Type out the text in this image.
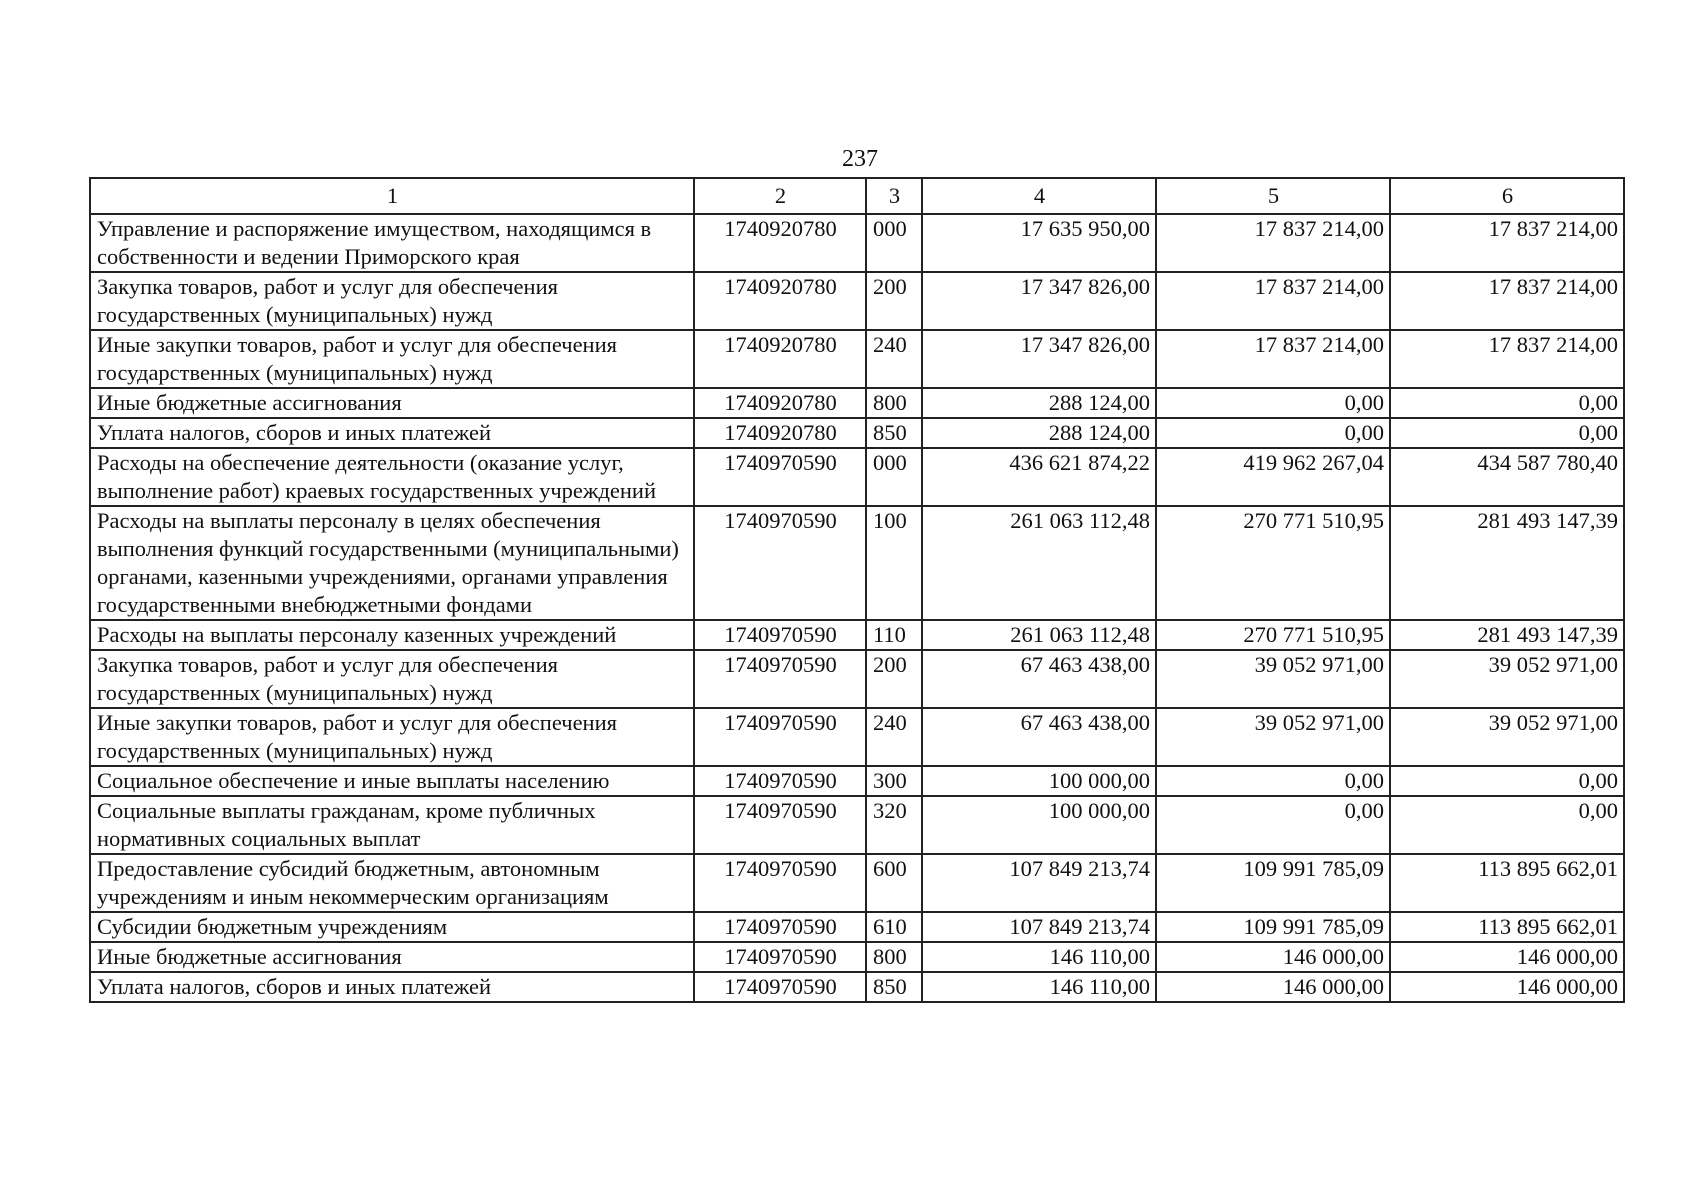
237
1	2	3	4	5	6
Управление и распоряжение имуществом, находящимся в собственности и ведении Приморского края	1740920780	000	17 635 950,00	17 837 214,00	17 837 214,00
Закупка товаров, работ и услуг для обеспечения государственных (муниципальных) нужд	1740920780	200	17 347 826,00	17 837 214,00	17 837 214,00
Иные закупки товаров, работ и услуг для обеспечения государственных (муниципальных) нужд	1740920780	240	17 347 826,00	17 837 214,00	17 837 214,00
Иные бюджетные ассигнования	1740920780	800	288 124,00	0,00	0,00
Уплата налогов, сборов и иных платежей	1740920780	850	288 124,00	0,00	0,00
Расходы на обеспечение деятельности (оказание услуг, выполнение работ) краевых государственных учреждений	1740970590	000	436 621 874,22	419 962 267,04	434 587 780,40
Расходы на выплаты персоналу в целях обеспечения выполнения функций государственными (муниципальными) органами, казенными учреждениями, органами управления государственными внебюджетными фондами	1740970590	100	261 063 112,48	270 771 510,95	281 493 147,39
Расходы на выплаты персоналу казенных учреждений	1740970590	110	261 063 112,48	270 771 510,95	281 493 147,39
Закупка товаров, работ и услуг для обеспечения государственных (муниципальных) нужд	1740970590	200	67 463 438,00	39 052 971,00	39 052 971,00
Иные закупки товаров, работ и услуг для обеспечения государственных (муниципальных) нужд	1740970590	240	67 463 438,00	39 052 971,00	39 052 971,00
Социальное обеспечение и иные выплаты населению	1740970590	300	100 000,00	0,00	0,00
Социальные выплаты гражданам, кроме публичных нормативных социальных выплат	1740970590	320	100 000,00	0,00	0,00
Предоставление субсидий бюджетным, автономным учреждениям и иным некоммерческим организациям	1740970590	600	107 849 213,74	109 991 785,09	113 895 662,01
Субсидии бюджетным учреждениям	1740970590	610	107 849 213,74	109 991 785,09	113 895 662,01
Иные бюджетные ассигнования	1740970590	800	146 110,00	146 000,00	146 000,00
Уплата налогов, сборов и иных платежей	1740970590	850	146 110,00	146 000,00	146 000,00
